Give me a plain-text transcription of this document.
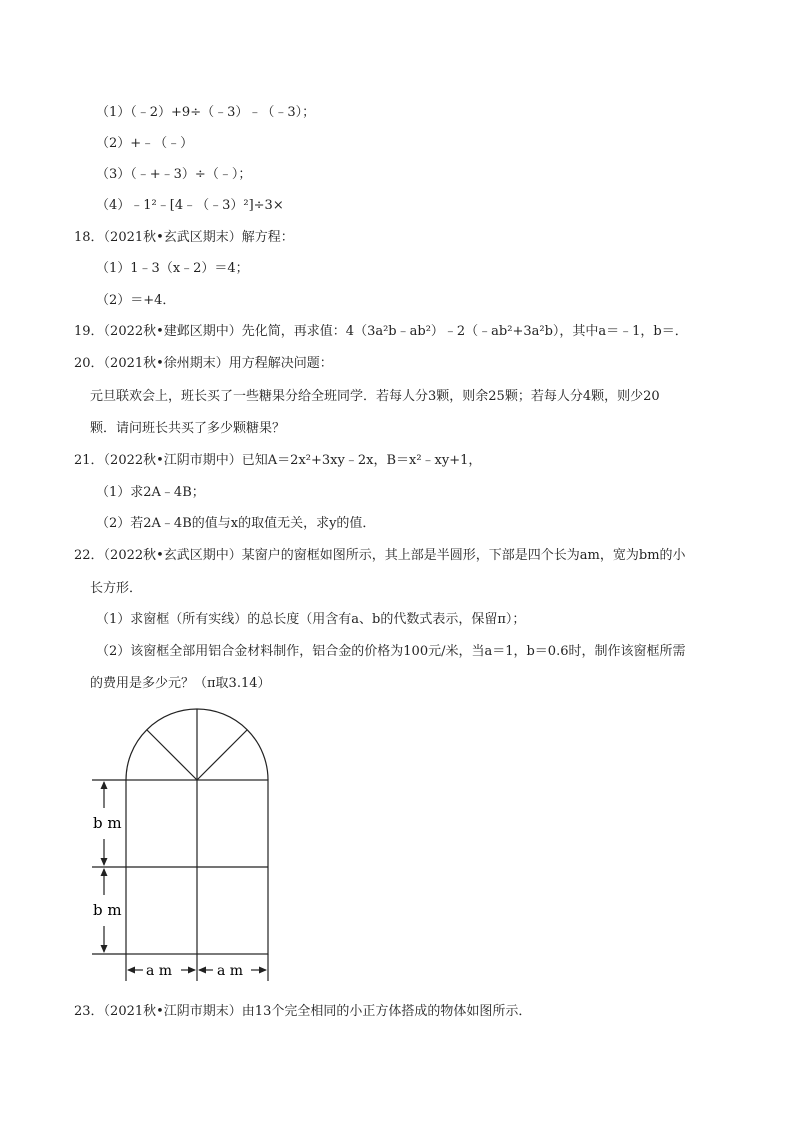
（1）（﹣2）+9÷（﹣3）﹣（﹣3）；
（2）+﹣（﹣）
（3）（﹣+﹣3）÷（﹣）；
（4）﹣1²﹣[4﹣（﹣3）²]÷3×
18．（2021秋•玄武区期末）解方程：
（1）1﹣3（x﹣2）＝4；
（2）＝+4．
19．（2022秋•建邺区期中）先化简，再求值：4（3a²b﹣ab²）﹣2（﹣ab²+3a²b），其中a＝﹣1，b＝．
20．（2021秋•徐州期末）用方程解决问题：
元旦联欢会上，班长买了一些糖果分给全班同学．若每人分3颗，则余25颗；若每人分4颗，则少20
颗．请问班长共买了多少颗糖果？
21．（2022秋•江阴市期中）已知A＝2x²+3xy﹣2x，B＝x²﹣xy+1，
（1）求2A﹣4B；
（2）若2A﹣4B的值与x的取值无关，求y的值．
22．（2022秋•玄武区期中）某窗户的窗框如图所示，其上部是半圆形，下部是四个长为am，宽为bm的小
长方形．
（1）求窗框（所有实线）的总长度（用含有a、b的代数式表示，保留π）；
（2）该窗框全部用铝合金材料制作，铝合金的价格为100元/米，当a＝1，b＝0.6时，制作该窗框所需
的费用是多少元？（π取3.14）
b m
b m
a m	a m
23．（2021秋•江阴市期末）由13个完全相同的小正方体搭成的物体如图所示．
